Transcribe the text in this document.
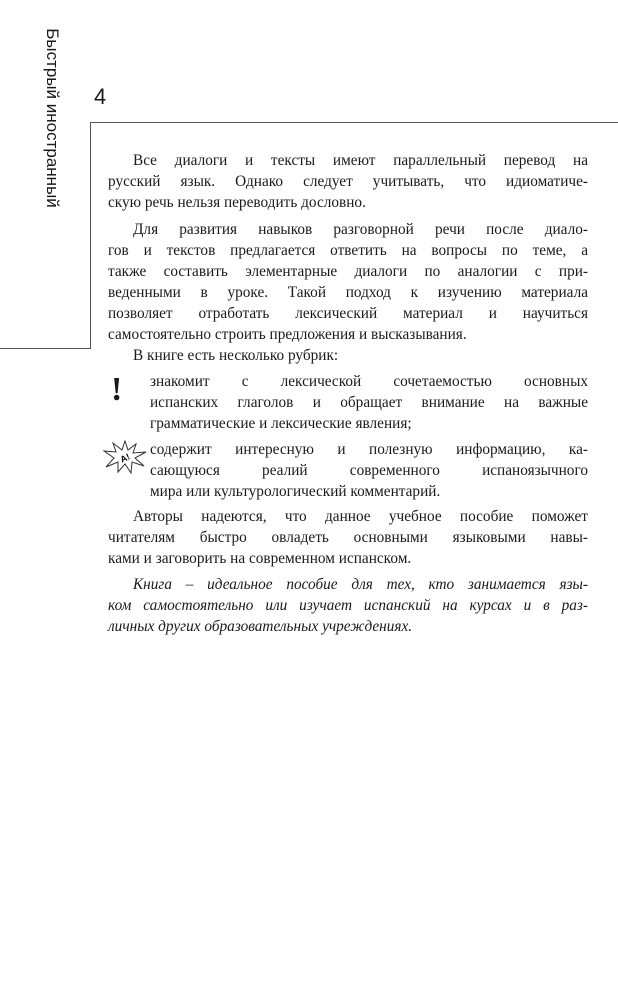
4
Быстрый иностранный	Все диалоги и тексты имеют параллельный перевод на
русский язык. Однако следует учитывать, что идиоматиче-
скую речь нельзя переводить дословно.
Для развития навыков разговорной речи после диало-
гов и текстов предлагается ответить на вопросы по теме, а
также составить элементарные диалоги по аналогии с при-
веденными в уроке. Такой подход к изучению материала
позволяет отработать лексический материал и научиться
самостоятельно строить предложения и высказывания.
В книге есть несколько рубрик:
! знакомит с лексической сочетаемостью основных
испанских глаголов и обращает внимание на важные
грамматические и лексические явления;
А! содержит интересную и полезную информацию, ка-
сающуюся реалий современного испаноязычного
мира или культурологический комментарий.
Авторы надеются, что данное учебное пособие поможет
читателям быстро овладеть основными языковыми навы-
ками и заговорить на современном испанском.
Книга – идеальное пособие для тех, кто занимается язы-
ком самостоятельно или изучает испанский на курсах и в раз-
личных других образовательных учреждениях.
